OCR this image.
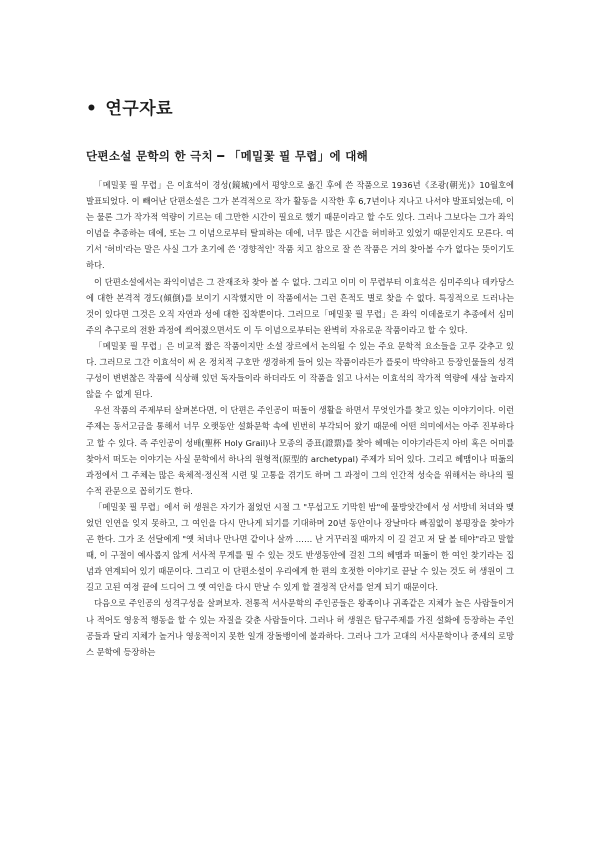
• 연구자료
단편소설 문학의 한 극치 ━ 「메밀꽃 필 무렵」에 대해

「메밀꽃 필 무렵」은 이효석이 경성(鏡城)에서 평양으로 옮긴 후에 쓴 작품으로 1936년《조광(朝光)》10월호에 발표되었다. 이 빼어난 단편소설은 그가 본격적으로 작가 활동을 시작한 후 6,7년이나 지나고 나서야 발표되었는데, 이는 물론 그가 작가적 역량이 기르는 데 그만한 시간이 필요로 했기 때문이라고 할 수도 있다. 그러나 그보다는 그가 좌익이념을 추종하는 데에, 또는 그 이념으로부터 탈피하는 데에, 너무 많은 시간을 허비하고 있었기 때문인지도 모른다. 여기서 '허비'라는 말은 사실 그가 초기에 쓴 '경향적인' 작품 치고 참으로 잘 쓴 작품은 거의 찾아볼 수가 없다는 뜻이기도 하다.

이 단편소설에서는 좌익이념은 그 잔재조차 찾아 볼 수 없다. 그리고 이미 이 무렵부터 이효석은 심미주의나 데카당스에 대한 본격적 경도(傾倒)를 보이기 시작했지만 이 작품에서는 그런 흔적도 별로 찾을 수 없다. 특징적으로 드러나는 것이 있다면 그것은 오직 자연과 성에 대한 집착뿐이다. 그러므로「메밀꽃 필 무렵」은 좌익 이데올로기 추종에서 심미주의 추구로의 전환 과정에 씌어졌으면서도 이 두 이념으로부터는 완벽히 자유로운 작품이라고 할 수 있다.

「메밀꽃 필 무렵」은 비교적 짧은 작품이지만 소설 장르에서 논의될 수 있는 주요 문학적 요소들을 고루 갖추고 있다. 그러므로 그간 이효석이 써 온 정치적 구호만 생경하게 들어 있는 작품이라든가 플롯이 박약하고 등장인물들의 성격구성이 변변찮은 작품에 식상해 있던 독자들이라 하더라도 이 작품을 읽고 나서는 이효석의 작가적 역량에 새삼 놀라지 않을 수 없게 된다.

우선 작품의 주제부터 살펴본다면, 이 단편은 주인공이 떠돌이 생활을 하면서 무엇인가를 찾고 있는 이야기이다. 이런 주제는 동서고금을 통해서 너무 오랫동안 설화문학 속에 빈번히 부각되어 왔기 때문에 어떤 의미에서는 아주 진부하다고 할 수 있다. 즉 주인공이 성배(聖杯 Holy Grail)나 모종의 증표(證票)를 찾아 헤매는 이야기라든지 아비 혹은 어미를 찾아서 떠도는 이야기는 사실 문학에서 하나의 원형적(原型的 archetypal) 주제가 되어 있다. 그리고 헤맴이나 떠돎의 과정에서 그 주체는 많은 육체적·정신적 시련 및 고통을 겪기도 하며 그 과정이 그의 인간적 성숙을 위해서는 하나의 필수적 관문으로 꼽히기도 한다.

「메밀꽃 필 무렵」에서 허 생원은 자기가 젊었던 시절 그 "무섭고도 기막힌 밤"에 물방앗간에서 성 서방네 처녀와 맺었던 인연을 잊지 못하고, 그 여인을 다시 만나게 되기를 기대하며 20년 동안이나 장날마다 빠짐없이 봉평장을 찾아가곤 한다. 그가 조 선달에게 "옛 처녀나 만나면 같이나 살까 …… 난 거꾸러질 때까지 이 길 걷고 저 달 볼 테야"라고 말할 때, 이 구절이 예사롭지 않게 서사적 무게를 띨 수 있는 것도 반생동안에 걸친 그의 헤맴과 떠돎이 한 여인 찾기라는 집념과 연계되어 있기 때문이다. 그리고 이 단편소설이 우리에게 한 편의 호젓한 이야기로 끝날 수 있는 것도 허 생원이 그 길고 고된 여정 끝에 드디어 그 옛 여인을 다시 만날 수 있게 할 결정적 단서를 얻게 되기 때문이다.

다음으로 주인공의 성격구성을 살펴보자. 전통적 서사문학의 주인공들은 왕족이나 귀족같은 지체가 높은 사람들이거나 적어도 영웅적 행동을 할 수 있는 자질을 갖춘 사람들이다. 그러나 허 생원은 탐구주제를 가진 설화에 등장하는 주인공들과 달리 지체가 높거나 영웅적이지 못한 일개 장돌뱅이에 불과하다. 그러나 그가 고대의 서사문학이나 중세의 로망스 문학에 등장하는
